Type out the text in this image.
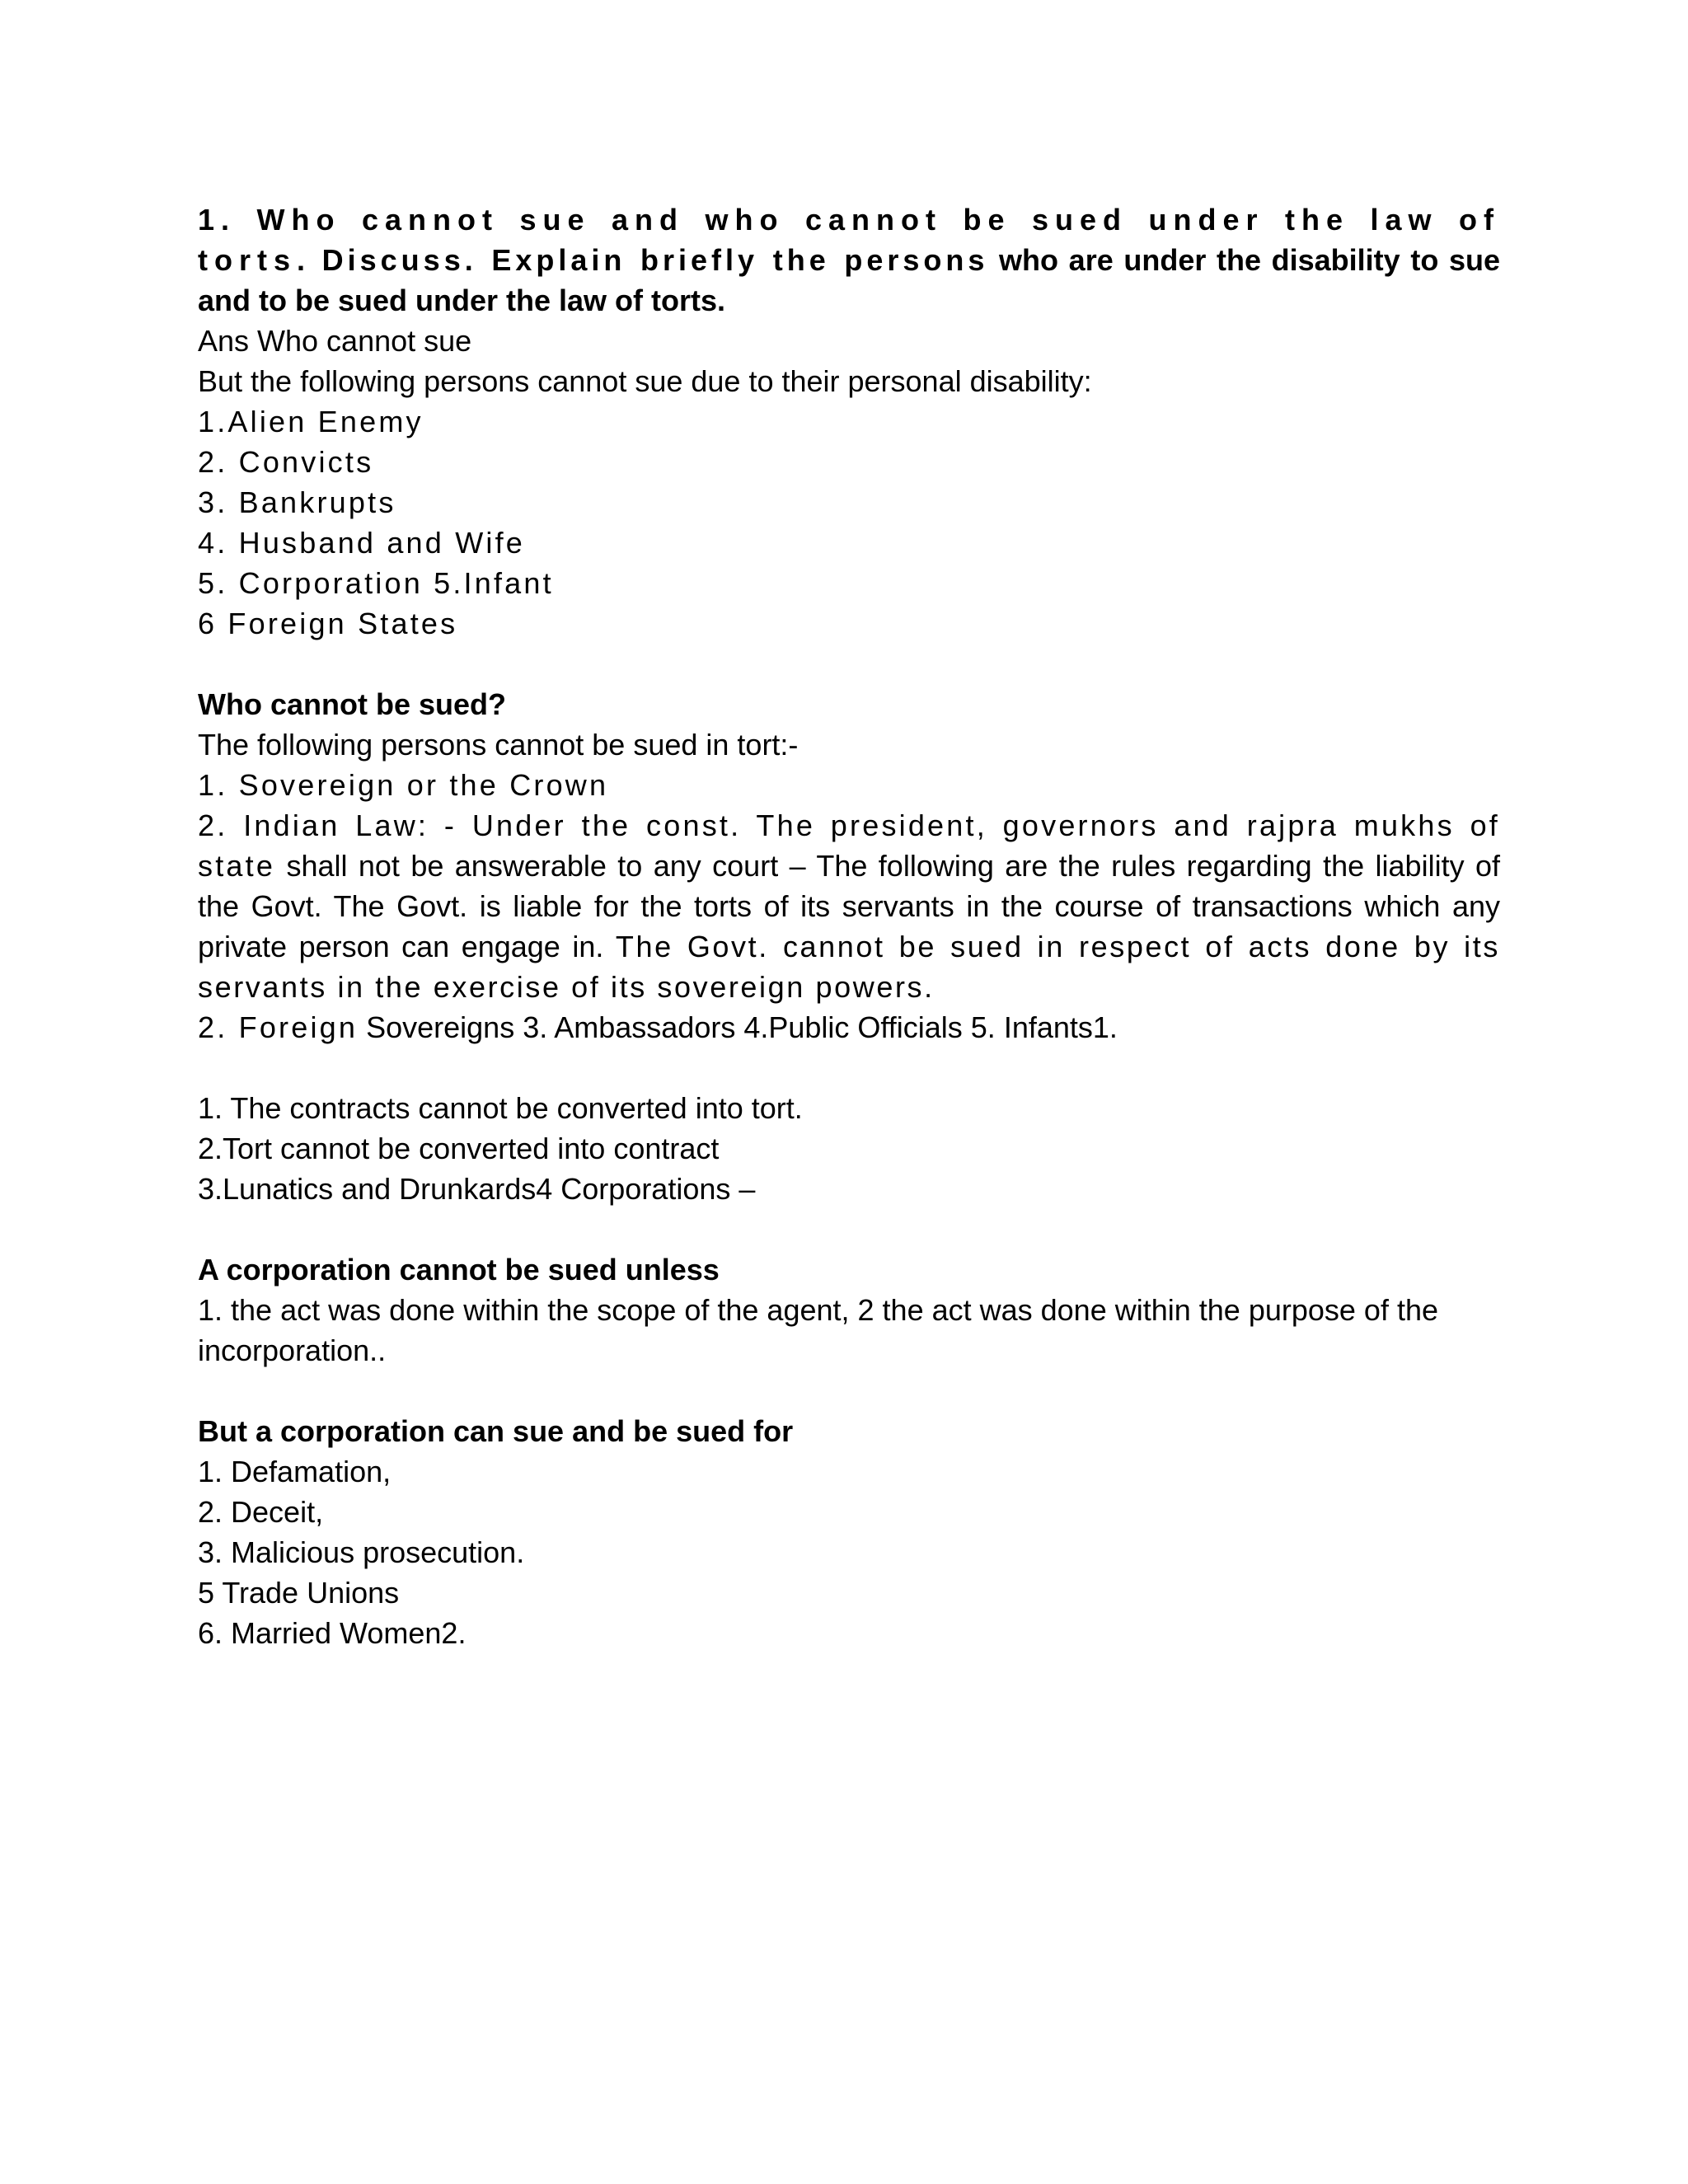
1. Who cannot sue and who cannot be sued under the law of torts. Discuss. Explain briefly the persons who are under the disability to sue and to be sued under the law of torts.
Ans Who cannot sue
But the following persons cannot sue due to their personal disability:
1.Alien Enemy
2. Convicts
3. Bankrupts
4. Husband and Wife
5. Corporation 5.Infant
6 Foreign States
Who cannot be sued?
The following persons cannot be sued in tort:-
1. Sovereign or the Crown
2. Indian Law: - Under the const. The president, governors and rajpra mukhs of state shall not be answerable to any court – The following are the rules regarding the liability of the Govt. The Govt. is liable for the torts of its servants in the course of transactions which any private person can engage in. The Govt. cannot be sued in respect of acts done by its servants in the exercise of its sovereign powers.
2. Foreign Sovereigns 3. Ambassadors 4.Public Officials 5. Infants1.
1. The contracts cannot be converted into tort.
2.Tort cannot be converted into contract
3.Lunatics and Drunkards4 Corporations –
A corporation cannot be sued unless
1. the act was done within the scope of the agent, 2 the act was done within the purpose of the incorporation..
But a corporation can sue and be sued for
1. Defamation,
2. Deceit,
3. Malicious prosecution.
5 Trade Unions
6. Married Women2.
